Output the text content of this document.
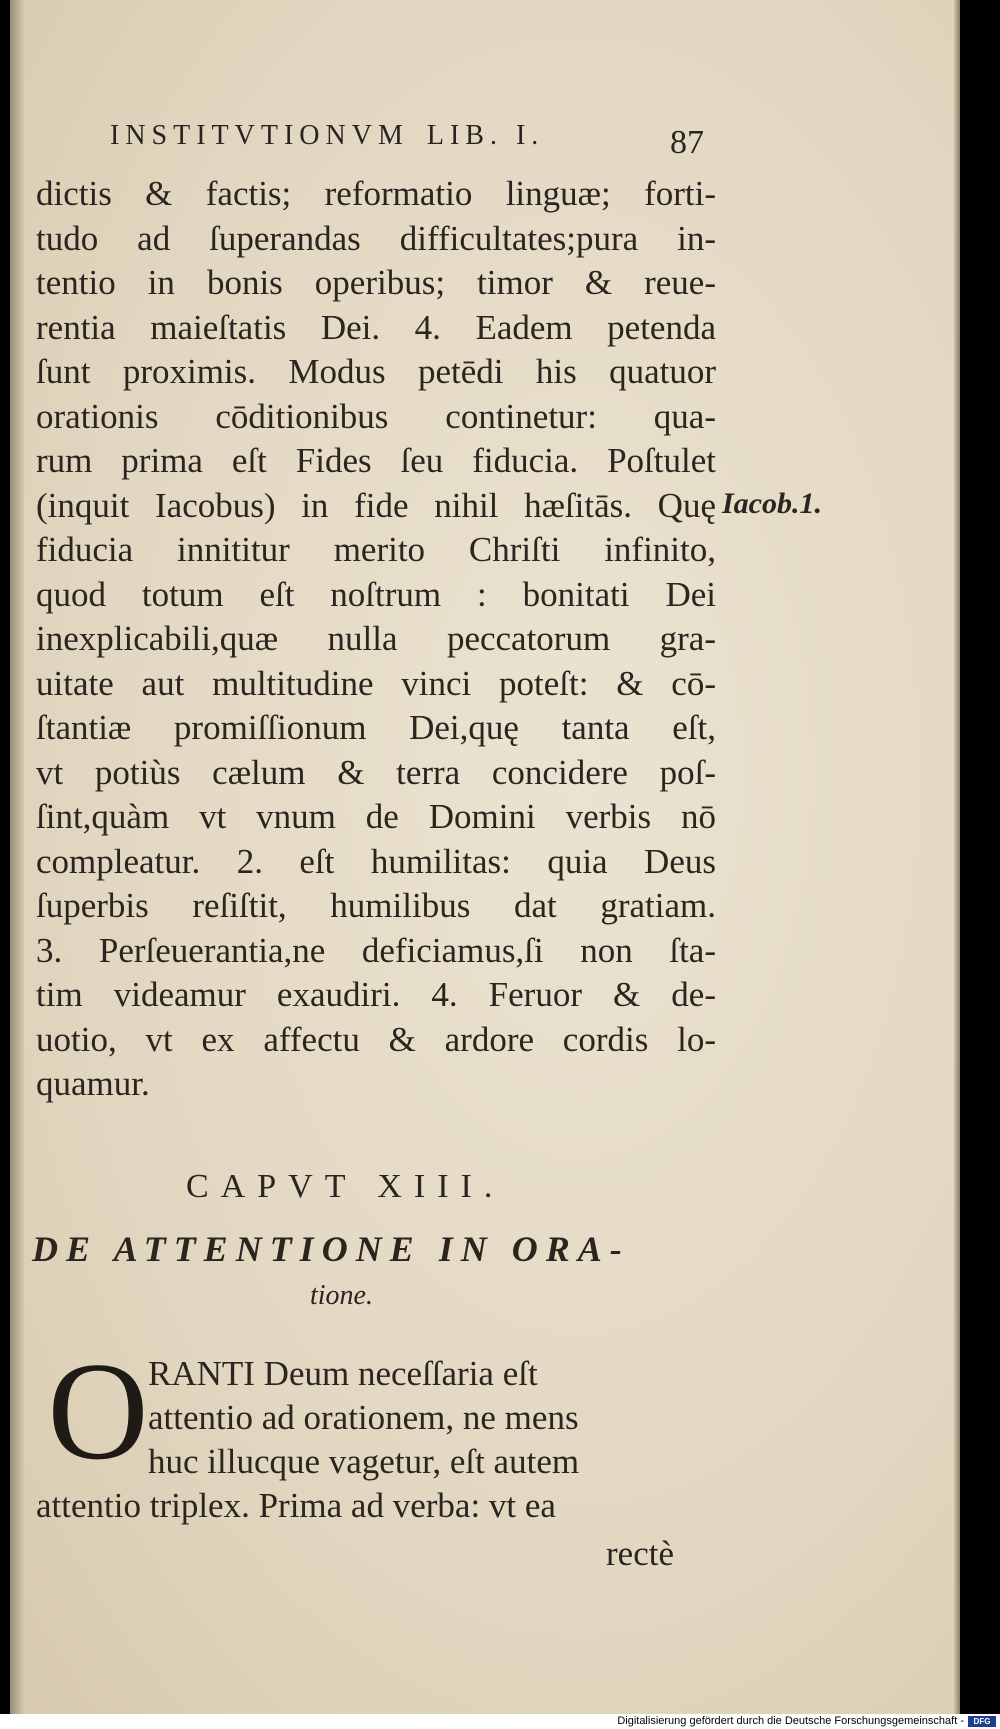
INSTITVTIONVM LIB. I.	87
dictis & factis; reformatio linguæ; forti-
tudo ad ſuperandas difficultates;pura in-
tentio in bonis operibus; timor & reue-
rentia maieſtatis Dei. 4. Eadem petenda
ſunt proximis. Modus petēdi his quatuor
orationis cōditionibus continetur: qua-
rum prima eſt Fides ſeu fiducia. Poſtulet
(inquit Iacobus) in fide nihil hæſitās. Quę
fiducia innititur merito Chriſti infinito,
quod totum eſt noſtrum : bonitati Dei
inexplicabili,quæ nulla peccatorum gra-
uitate aut multitudine vinci poteſt: & cō-
ſtantiæ promiſſionum Dei,quę tanta eſt,
vt potiùs cælum & terra concidere poſ-
ſint,quàm vt vnum de Domini verbis nō
compleatur. 2. eſt humilitas: quia Deus
ſuperbis reſiſtit, humilibus dat gratiam.
3. Perſeuerantia,ne deficiamus,ſi non ſta-
tim videamur exaudiri. 4. Feruor & de-
uotio, vt ex affectu & ardore cordis lo-
quamur.
Iacob.1.
CAPVT XIII.
DE ATTENTIONE IN ORA-
tione.
O RANTI Deum neceſſaria eſt
attentio ad orationem, ne mens
huc illucque vagetur, eſt autem
attentio triplex. Prima ad verba: vt ea
rectè
Digitalisierung gefördert durch die Deutsche Forschungsgemeinschaft -	DFG
